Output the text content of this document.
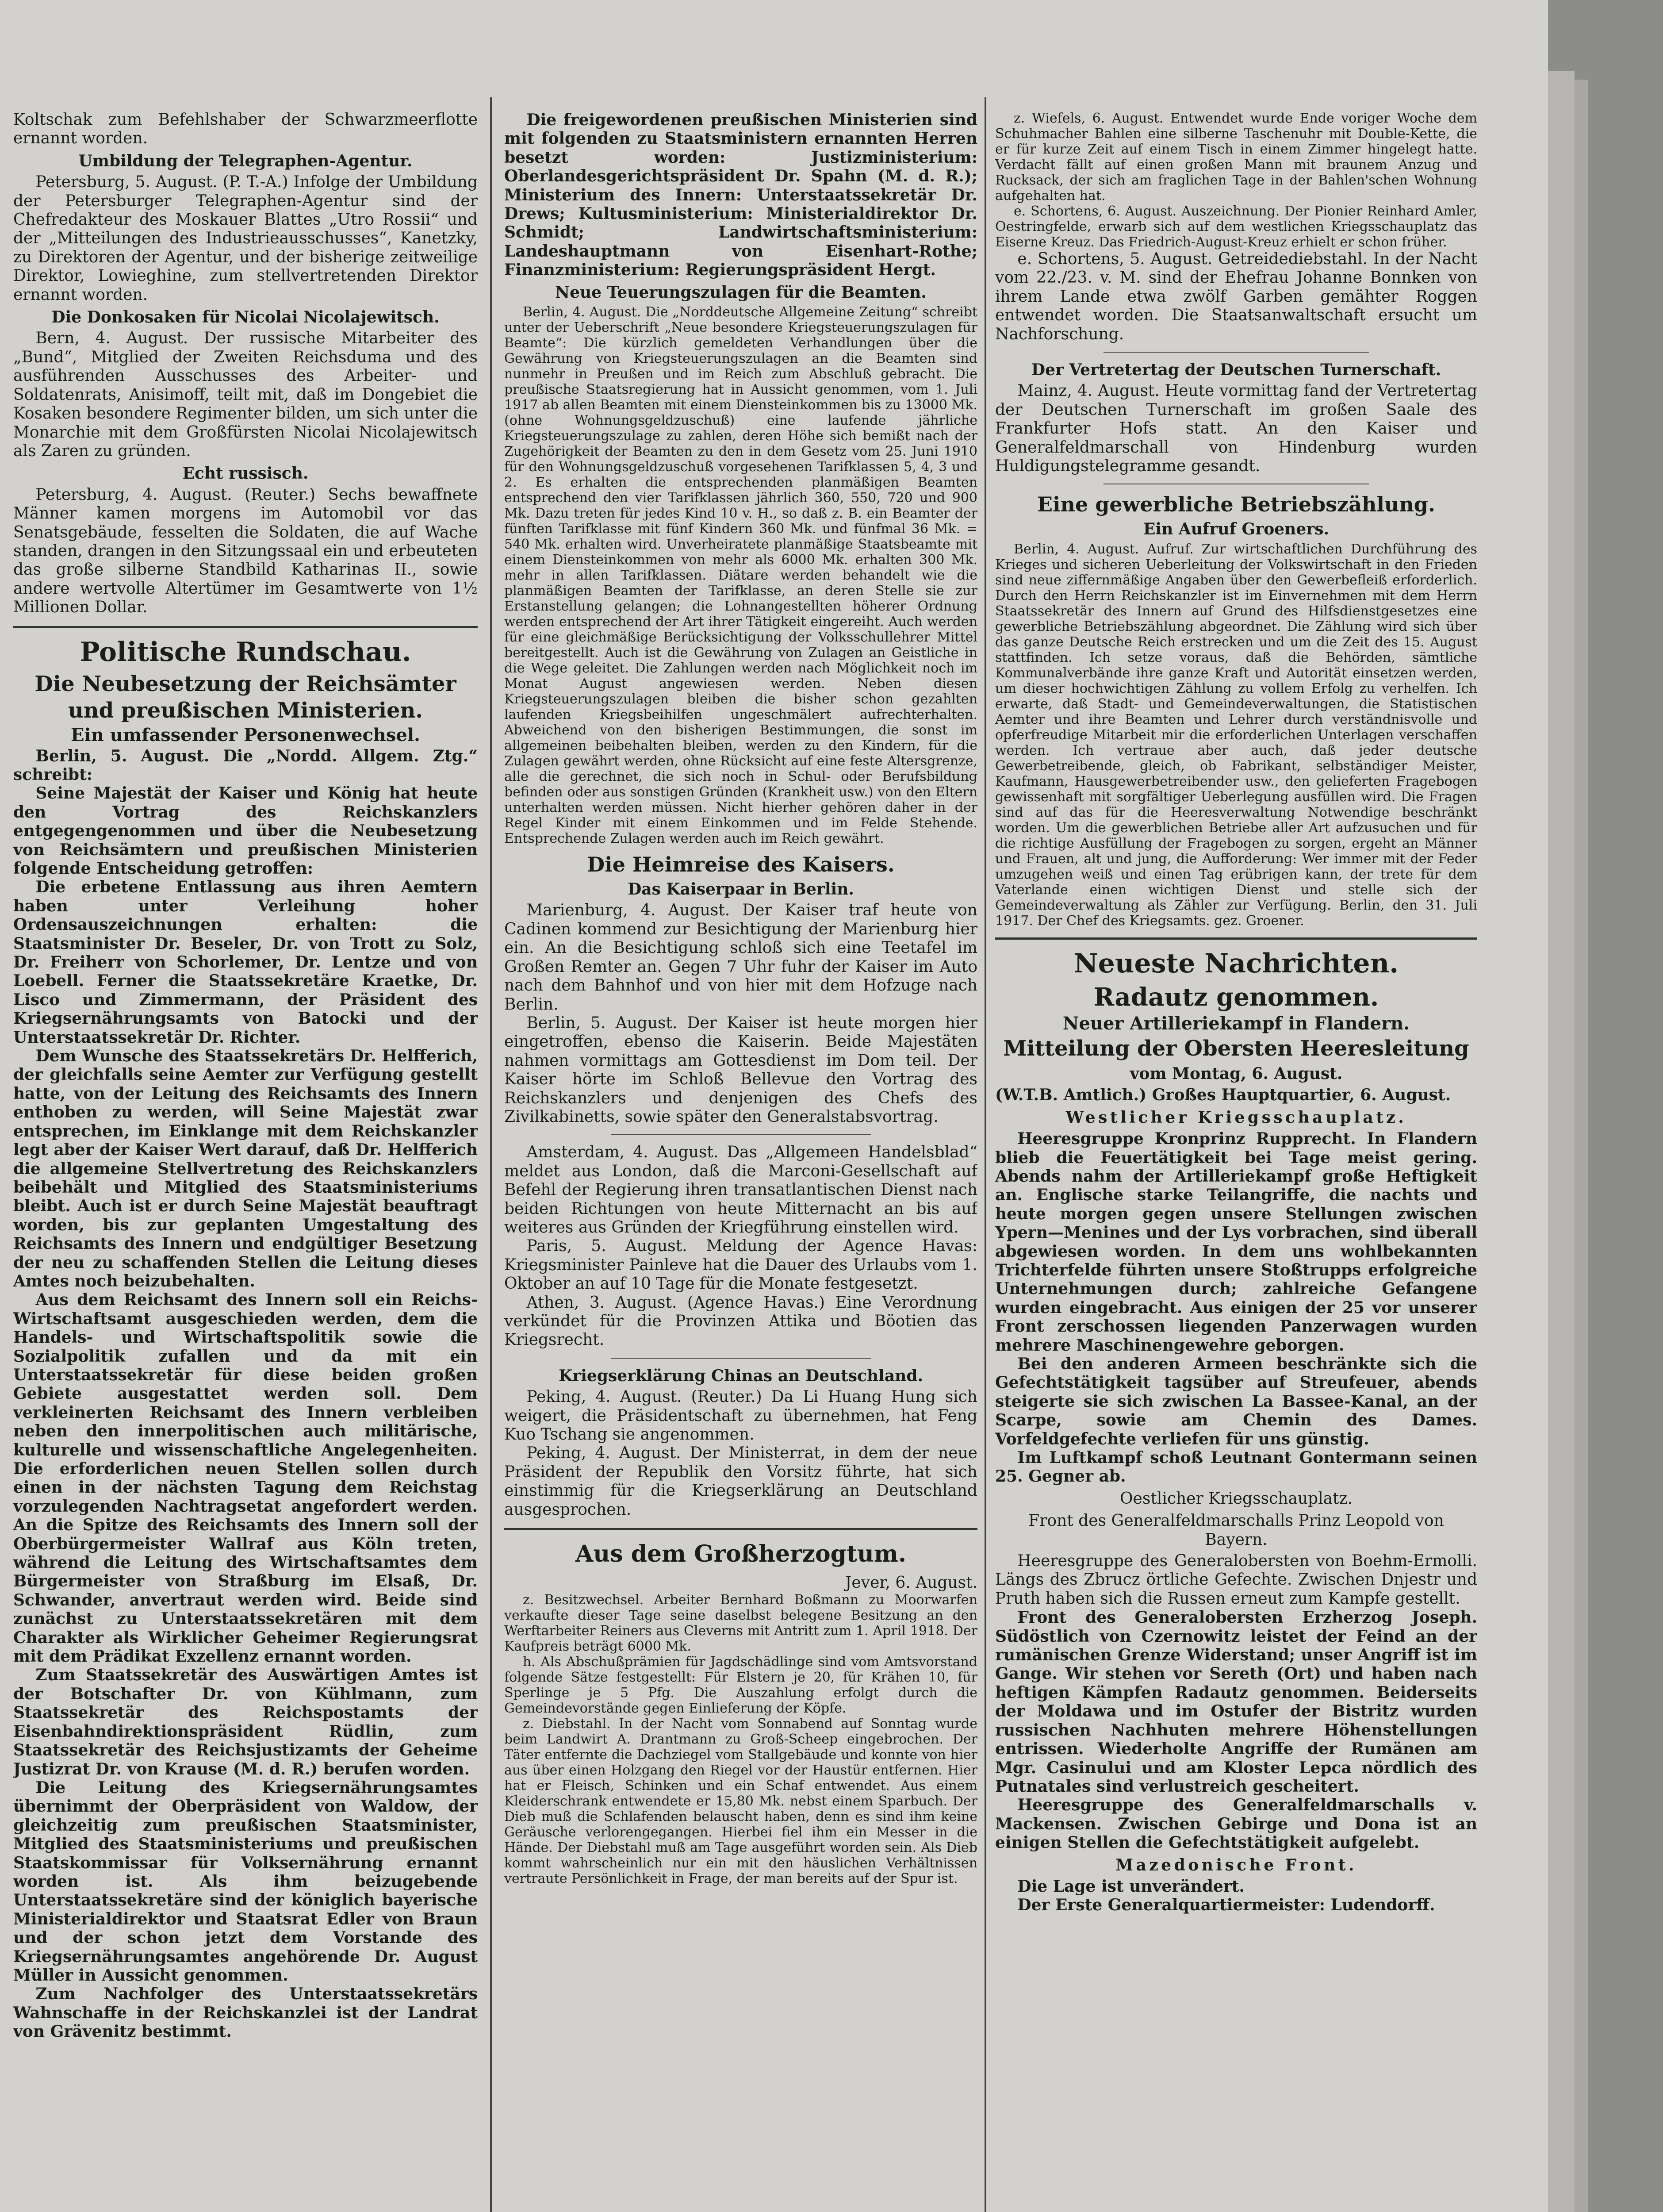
Koltschak zum Befehlshaber der Schwarzmeerflotte ernannt worden.

Umbildung der Telegraphen-Agentur.

Petersburg, 5. August. (P. T.-A.) Infolge der Umbildung der Petersburger Telegraphen-Agentur sind der Chefredakteur des Moskauer Blattes „Utro Rossii“ und der „Mitteilungen des Industrieausschusses“, Kanetzky, zu Direktoren der Agentur, und der bisherige zeitweilige Direktor, Lowieghine, zum stellvertretenden Direktor ernannt worden.

Die Donkosaken für Nicolai Nicolajewitsch.

Bern, 4. August. Der russische Mitarbeiter des „Bund“, Mitglied der Zweiten Reichsduma und des ausführenden Ausschusses des Arbeiter- und Soldatenrats, Anisimoff, teilt mit, daß im Dongebiet die Kosaken besondere Regimenter bilden, um sich unter die Monarchie mit dem Großfürsten Nicolai Nicolajewitsch als Zaren zu gründen.

Echt russisch.

Petersburg, 4. August. (Reuter.) Sechs bewaffnete Männer kamen morgens im Automobil vor das Senatsgebäude, fesselten die Soldaten, die auf Wache standen, drangen in den Sitzungssaal ein und erbeuteten das große silberne Standbild Katharinas II., sowie andere wertvolle Altertümer im Gesamtwerte von 1½ Millionen Dollar.

Politische Rundschau.
Die Neubesetzung der Reichsämter
und preußischen Ministerien.
Ein umfassender Personenwechsel.

Berlin, 5. August. Die „Nordd. Allgem. Ztg.“ schreibt:

Seine Majestät der Kaiser und König hat heute den Vortrag des Reichskanzlers entgegengenommen und über die Neubesetzung von Reichsämtern und preußischen Ministerien folgende Entscheidung getroffen:

Die erbetene Entlassung aus ihren Aemtern haben unter Verleihung hoher Ordensauszeichnungen erhalten: die Staatsminister Dr. Beseler, Dr. von Trott zu Solz, Dr. Freiherr von Schorlemer, Dr. Lentze und von Loebell. Ferner die Staatssekretäre Kraetke, Dr. Lisco und Zimmermann, der Präsident des Kriegsernährungsamts von Batocki und der Unterstaatssekretär Dr. Richter.

Dem Wunsche des Staatssekretärs Dr. Helfferich, der gleichfalls seine Aemter zur Verfügung gestellt hatte, von der Leitung des Reichsamts des Innern enthoben zu werden, will Seine Majestät zwar entsprechen, im Einklange mit dem Reichskanzler legt aber der Kaiser Wert darauf, daß Dr. Helfferich die allgemeine Stellvertretung des Reichskanzlers beibehält und Mitglied des Staatsministeriums bleibt. Auch ist er durch Seine Majestät beauftragt worden, bis zur geplanten Umgestaltung des Reichsamts des Innern und endgültiger Besetzung der neu zu schaffenden Stellen die Leitung dieses Amtes noch beizubehalten.

Aus dem Reichsamt des Innern soll ein Reichs-Wirtschaftsamt ausgeschieden werden, dem die Handels- und Wirtschaftspolitik sowie die Sozialpolitik zufallen und da mit ein Unterstaatssekretär für diese beiden großen Gebiete ausgestattet werden soll. Dem verkleinerten Reichsamt des Innern verbleiben neben den innerpolitischen auch militärische, kulturelle und wissenschaftliche Angelegenheiten. Die erforderlichen neuen Stellen sollen durch einen in der nächsten Tagung dem Reichstag vorzulegenden Nachtragsetat angefordert werden. An die Spitze des Reichsamts des Innern soll der Oberbürgermeister Wallraf aus Köln treten, während die Leitung des Wirtschaftsamtes dem Bürgermeister von Straßburg im Elsaß, Dr. Schwander, anvertraut werden wird. Beide sind zunächst zu Unterstaatssekretären mit dem Charakter als Wirklicher Geheimer Regierungsrat mit dem Prädikat Exzellenz ernannt worden.

Zum Staatssekretär des Auswärtigen Amtes ist der Botschafter Dr. von Kühlmann, zum Staatssekretär des Reichspostamts der Eisenbahndirektionspräsident Rüdlin, zum Staatssekretär des Reichsjustizamts der Geheime Justizrat Dr. von Krause (M. d. R.) berufen worden.

Die Leitung des Kriegsernährungsamtes übernimmt der Oberpräsident von Waldow, der gleichzeitig zum preußischen Staatsminister, Mitglied des Staatsministeriums und preußischen Staatskommissar für Volksernährung ernannt worden ist. Als ihm beizugebende Unterstaatssekretäre sind der königlich bayerische Ministerialdirektor und Staatsrat Edler von Braun und der schon jetzt dem Vorstande des Kriegsernährungsamtes angehörende Dr. August Müller in Aussicht genommen.

Zum Nachfolger des Unterstaatssekretärs Wahnschaffe in der Reichskanzlei ist der Landrat von Grävenitz bestimmt.

Die freigewordenen preußischen Ministerien sind mit folgenden zu Staatsministern ernannten Herren besetzt worden: Justizministerium: Oberlandesgerichtspräsident Dr. Spahn (M. d. R.); Ministerium des Innern: Unterstaatssekretär Dr. Drews; Kultusministerium: Ministerialdirektor Dr. Schmidt; Landwirtschaftsministerium: Landeshauptmann von Eisenhart-Rothe; Finanzministerium: Regierungspräsident Hergt.

Neue Teuerungszulagen für die Beamten.

Berlin, 4. August. Die „Norddeutsche Allgemeine Zeitung“ schreibt unter der Ueberschrift „Neue besondere Kriegsteuerungszulagen für Beamte“: Die kürzlich gemeldeten Verhandlungen über die Gewährung von Kriegsteuerungszulagen an die Beamten sind nunmehr in Preußen und im Reich zum Abschluß gebracht. Die preußische Staatsregierung hat in Aussicht genommen, vom 1. Juli 1917 ab allen Beamten mit einem Diensteinkommen bis zu 13000 Mk. (ohne Wohnungsgeldzuschuß) eine laufende jährliche Kriegsteuerungszulage zu zahlen, deren Höhe sich bemißt nach der Zugehörigkeit der Beamten zu den in dem Gesetz vom 25. Juni 1910 für den Wohnungsgeldzuschuß vorgesehenen Tarifklassen 5, 4, 3 und 2. Es erhalten die entsprechenden planmäßigen Beamten entsprechend den vier Tarifklassen jährlich 360, 550, 720 und 900 Mk. Dazu treten für jedes Kind 10 v. H., so daß z. B. ein Beamter der fünften Tarifklasse mit fünf Kindern 360 Mk. und fünfmal 36 Mk. = 540 Mk. erhalten wird. Unverheiratete planmäßige Staatsbeamte mit einem Diensteinkommen von mehr als 6000 Mk. erhalten 300 Mk. mehr in allen Tarifklassen. Diätare werden behandelt wie die planmäßigen Beamten der Tarifklasse, an deren Stelle sie zur Erstanstellung gelangen; die Lohnangestellten höherer Ordnung werden entsprechend der Art ihrer Tätigkeit eingereiht. Auch werden für eine gleichmäßige Berücksichtigung der Volksschullehrer Mittel bereitgestellt. Auch ist die Gewährung von Zulagen an Geistliche in die Wege geleitet. Die Zahlungen werden nach Möglichkeit noch im Monat August angewiesen werden. Neben diesen Kriegsteuerungszulagen bleiben die bisher schon gezahlten laufenden Kriegsbeihilfen ungeschmälert aufrechterhalten. Abweichend von den bisherigen Bestimmungen, die sonst im allgemeinen beibehalten bleiben, werden zu den Kindern, für die Zulagen gewährt werden, ohne Rücksicht auf eine feste Altersgrenze, alle die gerechnet, die sich noch in Schul- oder Berufsbildung befinden oder aus sonstigen Gründen (Krankheit usw.) von den Eltern unterhalten werden müssen. Nicht hierher gehören daher in der Regel Kinder mit einem Einkommen und im Felde Stehende. Entsprechende Zulagen werden auch im Reich gewährt.

Die Heimreise des Kaisers.
Das Kaiserpaar in Berlin.

Marienburg, 4. August. Der Kaiser traf heute von Cadinen kommend zur Besichtigung der Marienburg hier ein. An die Besichtigung schloß sich eine Teetafel im Großen Remter an. Gegen 7 Uhr fuhr der Kaiser im Auto nach dem Bahnhof und von hier mit dem Hofzuge nach Berlin.

Berlin, 5. August. Der Kaiser ist heute morgen hier eingetroffen, ebenso die Kaiserin. Beide Majestäten nahmen vormittags am Gottesdienst im Dom teil. Der Kaiser hörte im Schloß Bellevue den Vortrag des Reichskanzlers und denjenigen des Chefs des Zivilkabinetts, sowie später den Generalstabsvortrag.

Amsterdam, 4. August. Das „Allgemeen Handelsblad“ meldet aus London, daß die Marconi-Gesellschaft auf Befehl der Regierung ihren transatlantischen Dienst nach beiden Richtungen von heute Mitternacht an bis auf weiteres aus Gründen der Kriegführung einstellen wird.

Paris, 5. August. Meldung der Agence Havas: Kriegsminister Painleve hat die Dauer des Urlaubs vom 1. Oktober an auf 10 Tage für die Monate festgesetzt.

Athen, 3. August. (Agence Havas.) Eine Verordnung verkündet für die Provinzen Attika und Böotien das Kriegsrecht.

Kriegserklärung Chinas an Deutschland.

Peking, 4. August. (Reuter.) Da Li Huang Hung sich weigert, die Präsidentschaft zu übernehmen, hat Feng Kuo Tschang sie angenommen.

Peking, 4. August. Der Ministerrat, in dem der neue Präsident der Republik den Vorsitz führte, hat sich einstimmig für die Kriegserklärung an Deutschland ausgesprochen.

Aus dem Großherzogtum.
Jever, 6. August.

z. Besitzwechsel. Arbeiter Bernhard Boßmann zu Moorwarfen verkaufte dieser Tage seine daselbst belegene Besitzung an den Werftarbeiter Reiners aus Cleverns mit Antritt zum 1. April 1918. Der Kaufpreis beträgt 6000 Mk.

h. Als Abschußprämien für Jagdschädlinge sind vom Amtsvorstand folgende Sätze festgestellt: Für Elstern je 20, für Krähen 10, für Sperlinge je 5 Pfg. Die Auszahlung erfolgt durch die Gemeindevorstände gegen Einlieferung der Köpfe.

z. Diebstahl. In der Nacht vom Sonnabend auf Sonntag wurde beim Landwirt A. Drantmann zu Groß-Scheep eingebrochen. Der Täter entfernte die Dachziegel vom Stallgebäude und konnte von hier aus über einen Holzgang den Riegel vor der Haustür entfernen. Hier hat er Fleisch, Schinken und ein Schaf entwendet. Aus einem Kleiderschrank entwendete er 15,80 Mk. nebst einem Sparbuch. Der Dieb muß die Schlafenden belauscht haben, denn es sind ihm keine Geräusche verlorengegangen. Hierbei fiel ihm ein Messer in die Hände. Der Diebstahl muß am Tage ausgeführt worden sein. Als Dieb kommt wahrscheinlich nur ein mit den häuslichen Verhältnissen vertraute Persönlichkeit in Frage, der man bereits auf der Spur ist.

z. Wiefels, 6. August. Entwendet wurde Ende voriger Woche dem Schuhmacher Bahlen eine silberne Taschenuhr mit Double-Kette, die er für kurze Zeit auf einem Tisch in einem Zimmer hingelegt hatte. Verdacht fällt auf einen großen Mann mit braunem Anzug und Rucksack, der sich am fraglichen Tage in der Bahlen'schen Wohnung aufgehalten hat.

e. Schortens, 6. August. Auszeichnung. Der Pionier Reinhard Amler, Oestringfelde, erwarb sich auf dem westlichen Kriegsschauplatz das Eiserne Kreuz. Das Friedrich-August-Kreuz erhielt er schon früher.

e. Schortens, 5. August. Getreidediebstahl. In der Nacht vom 22./23. v. M. sind der Ehefrau Johanne Bonnken von ihrem Lande etwa zwölf Garben gemähter Roggen entwendet worden. Die Staatsanwaltschaft ersucht um Nachforschung.

Der Vertretertag der Deutschen Turnerschaft.

Mainz, 4. August. Heute vormittag fand der Vertretertag der Deutschen Turnerschaft im großen Saale des Frankfurter Hofs statt. An den Kaiser und Generalfeldmarschall von Hindenburg wurden Huldigungstelegramme gesandt.

Eine gewerbliche Betriebszählung.
Ein Aufruf Groeners.

Berlin, 4. August. Aufruf. Zur wirtschaftlichen Durchführung des Krieges und sicheren Ueberleitung der Volkswirtschaft in den Frieden sind neue ziffernmäßige Angaben über den Gewerbefleiß erforderlich. Durch den Herrn Reichskanzler ist im Einvernehmen mit dem Herrn Staatssekretär des Innern auf Grund des Hilfsdienstgesetzes eine gewerbliche Betriebszählung abgeordnet. Die Zählung wird sich über das ganze Deutsche Reich erstrecken und um die Zeit des 15. August stattfinden. Ich setze voraus, daß die Behörden, sämtliche Kommunalverbände ihre ganze Kraft und Autorität einsetzen werden, um dieser hochwichtigen Zählung zu vollem Erfolg zu verhelfen. Ich erwarte, daß Stadt- und Gemeindeverwaltungen, die Statistischen Aemter und ihre Beamten und Lehrer durch verständnisvolle und opferfreudige Mitarbeit mir die erforderlichen Unterlagen verschaffen werden. Ich vertraue aber auch, daß jeder deutsche Gewerbetreibende, gleich, ob Fabrikant, selbständiger Meister, Kaufmann, Hausgewerbetreibender usw., den gelieferten Fragebogen gewissenhaft mit sorgfältiger Ueberlegung ausfüllen wird. Die Fragen sind auf das für die Heeresverwaltung Notwendige beschränkt worden. Um die gewerblichen Betriebe aller Art aufzusuchen und für die richtige Ausfüllung der Fragebogen zu sorgen, ergeht an Männer und Frauen, alt und jung, die Aufforderung: Wer immer mit der Feder umzugehen weiß und einen Tag erübrigen kann, der trete für dem Vaterlande einen wichtigen Dienst und stelle sich der Gemeindeverwaltung als Zähler zur Verfügung. Berlin, den 31. Juli 1917. Der Chef des Kriegsamts. gez. Groener.

Neueste Nachrichten.
Radautz genommen.
Neuer Artilleriekampf in Flandern.
Mitteilung der Obersten Heeresleitung
vom Montag, 6. August.

(W.T.B. Amtlich.) Großes Hauptquartier, 6. August.

Westlicher Kriegsschauplatz.

Heeresgruppe Kronprinz Rupprecht. In Flandern blieb die Feuertätigkeit bei Tage meist gering. Abends nahm der Artilleriekampf große Heftigkeit an. Englische starke Teilangriffe, die nachts und heute morgen gegen unsere Stellungen zwischen Ypern—Menines und der Lys vorbrachen, sind überall abgewiesen worden. In dem uns wohlbekannten Trichterfelde führten unsere Stoßtrupps erfolgreiche Unternehmungen durch; zahlreiche Gefangene wurden eingebracht. Aus einigen der 25 vor unserer Front zerschossen liegenden Panzerwagen wurden mehrere Maschinengewehre geborgen.

Bei den anderen Armeen beschränkte sich die Gefechtstätigkeit tagsüber auf Streufeuer, abends steigerte sie sich zwischen La Bassee-Kanal, an der Scarpe, sowie am Chemin des Dames. Vorfeldgefechte verliefen für uns günstig.

Im Luftkampf schoß Leutnant Gontermann seinen 25. Gegner ab.

Oestlicher Kriegsschauplatz.
Front des Generalfeldmarschalls Prinz Leopold von Bayern.

Heeresgruppe des Generalobersten von Boehm-Ermolli. Längs des Zbrucz örtliche Gefechte. Zwischen Dnjestr und Pruth haben sich die Russen erneut zum Kampfe gestellt.

Front des Generalobersten Erzherzog Joseph. Südöstlich von Czernowitz leistet der Feind an der rumänischen Grenze Widerstand; unser Angriff ist im Gange. Wir stehen vor Sereth (Ort) und haben nach heftigen Kämpfen Radautz genommen. Beiderseits der Moldawa und im Ostufer der Bistritz wurden russischen Nachhuten mehrere Höhenstellungen entrissen. Wiederholte Angriffe der Rumänen am Mgr. Casinului und am Kloster Lepca nördlich des Putnatales sind verlustreich gescheitert.

Heeresgruppe des Generalfeldmarschalls v. Mackensen. Zwischen Gebirge und Dona ist an einigen Stellen die Gefechtstätigkeit aufgelebt.

Mazedonische Front.

Die Lage ist unverändert.

Der Erste Generalquartiermeister: Ludendorff.
